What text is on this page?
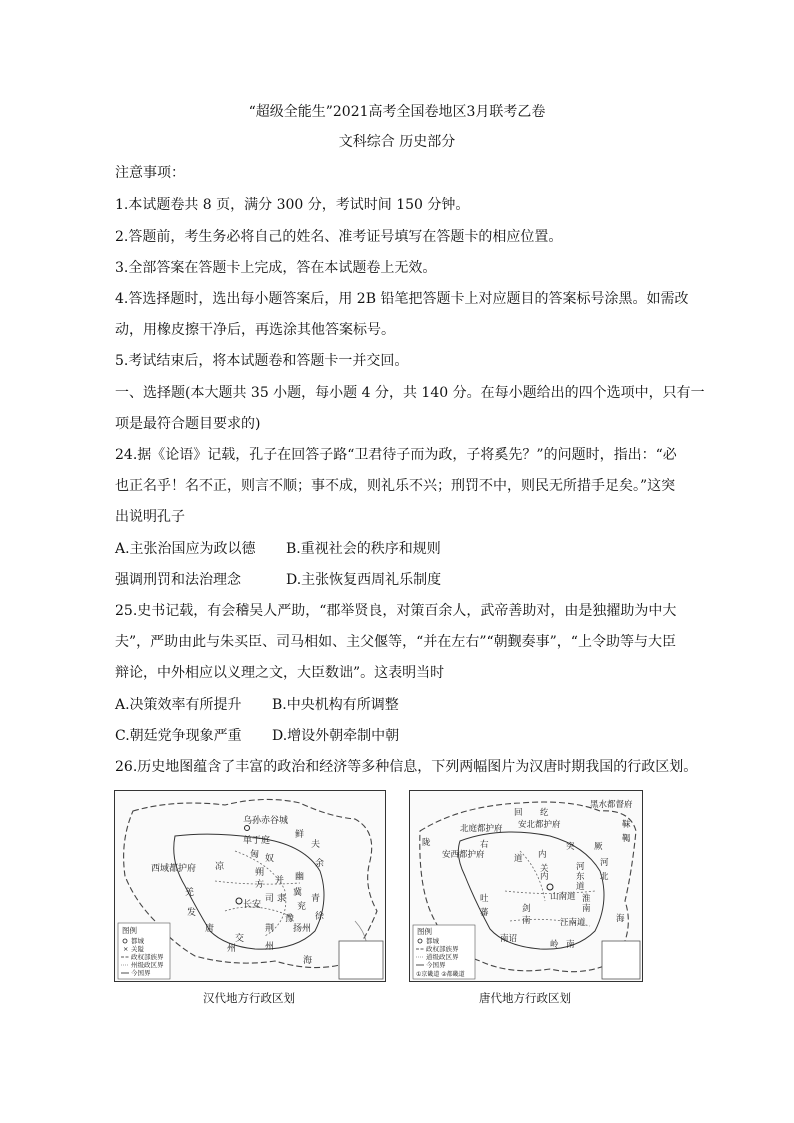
“超级全能生”2021高考全国卷地区3月联考乙卷
文科综合 历史部分
注意事项：
1.本试题卷共 8 页，满分 300 分，考试时间 150 分钟。
2.答题前，考生务必将自己的姓名、准考证号填写在答题卡的相应位置。
3.全部答案在答题卡上完成，答在本试题卷上无效。
4.答选择题时，选出每小题答案后，用 2B 铅笔把答题卡上对应题目的答案标号涂黑。如需改
动，用橡皮擦干净后，再选涂其他答案标号。
5.考试结束后，将本试题卷和答题卡一并交回。
一、选择题(本大题共 35 小题，每小题 4 分，共 140 分。在每小题给出的四个选项中，只有一
项是最符合题目要求的)
24.据《论语》记载，孔子在回答子路“卫君待子而为政，子将奚先？”的问题时，指出：“必
也正名乎！名不正，则言不顺；事不成，则礼乐不兴；刑罚不中，则民无所措手足矣。”这突
出说明孔子
A.主张治国应为政以德 B.重视社会的秩序和规则
强调刑罚和法治理念	D.主张恢复西周礼乐制度
25.史书记载，有会稽吴人严助，“郡举贤良，对策百余人，武帝善助对，由是独擢助为中大
夫”，严助由此与朱买臣、司马相如、主父偃等，“并在左右”“朝觐奏事”，“上令助等与大臣
辩论，中外相应以义理之文，大臣数诎”。这表明当时
A.决策效率有所提升 B.中央机构有所调整
C.朝廷党争现象严重 D.增设外朝牵制中朝
26.历史地图蕴含了丰富的政治和经济等多种信息，下列两幅图片为汉唐时期我国的行政区划。
乌孙赤谷城
单于庭
匈 奴
鲜
夫
余
西域都护府 凉
朔
方 并 幽
冀
长安
司 隶
兖
青
徐
羌
发
唐
豫
荆 扬州
交
州
州
海
图例
都城
× 关隘
政权部族界
州级政区界
今国界
汉代地方行政区划
黑水都督府
回 纥
安北都护府
北庭都护府
陇	右
安西都护府	内
突 厥
靺
鞨
河
北
关
道
内
河
东
道
山南道
吐
蕃	剑
南
淮
南
江南道	海
南诏
岭 南
图例
都城
政权部族界
道级政区界
今国界
①京畿道 ②都畿道
唐代地方行政区划
